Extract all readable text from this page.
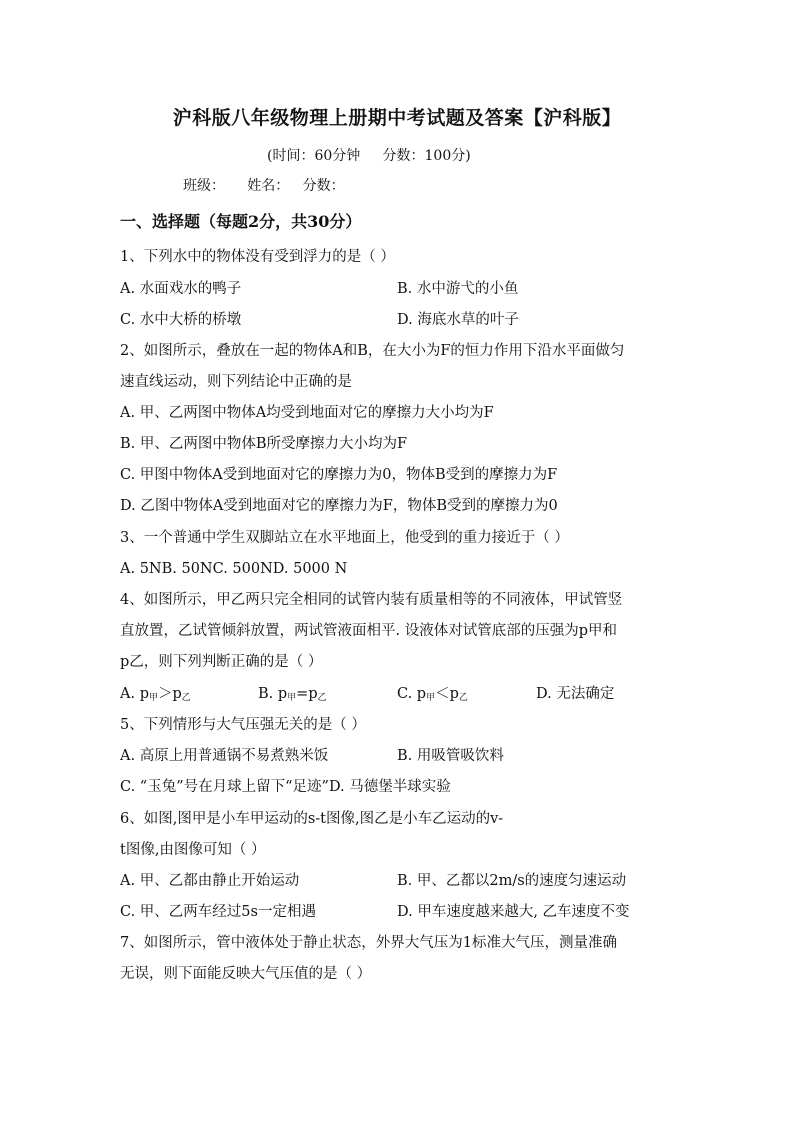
沪科版八年级物理上册期中考试题及答案【沪科版】
(时间：60分钟     分数：100分)
班级：     姓名：   分数：
一、选择题（每题2分，共30分）
1、下列水中的物体没有受到浮力的是（ ）
A. 水面戏水的鸭子	B. 水中游弋的小鱼
C. 水中大桥的桥墩	D. 海底水草的叶子
2、如图所示，叠放在一起的物体A和B，在大小为F的恒力作用下沿水平面做匀
速直线运动，则下列结论中正确的是
A. 甲、乙两图中物体A均受到地面对它的摩擦力大小均为F
B. 甲、乙两图中物体B所受摩擦力大小均为F
C. 甲图中物体A受到地面对它的摩擦力为0，物体B受到的摩擦力为F
D. 乙图中物体A受到地面对它的摩擦力为F，物体B受到的摩擦力为0
3、一个普通中学生双脚站立在水平地面上，他受到的重力接近于（ ）
A. 5NB. 50NC. 500ND. 5000 N
4、如图所示，甲乙两只完全相同的试管内装有质量相等的不同液体，甲试管竖
直放置，乙试管倾斜放置，两试管液面相平. 设液体对试管底部的压强为p甲和
p乙，则下列判断正确的是（ ）
A. $p_甲>p_乙$	B. $p_甲=p_乙$	C. $p_甲<p_乙$	D. 无法确定
5、下列情形与大气压强无关的是（ ）
A. 高原上用普通锅不易煮熟米饭	B. 用吸管吸饮料
C. “玉兔”号在月球上留下“足迹”D. 马德堡半球实验
6、如图,图甲是小车甲运动的s-t图像,图乙是小车乙运动的v-
t图像,由图像可知（ ）
A. 甲、乙都由静止开始运动	B. 甲、乙都以2m/s的速度匀速运动
C. 甲、乙两车经过5s一定相遇	D. 甲车速度越来越大, 乙车速度不变
7、如图所示，管中液体处于静止状态，外界大气压为1标准大气压，测量准确
无误，则下面能反映大气压值的是（ ）
